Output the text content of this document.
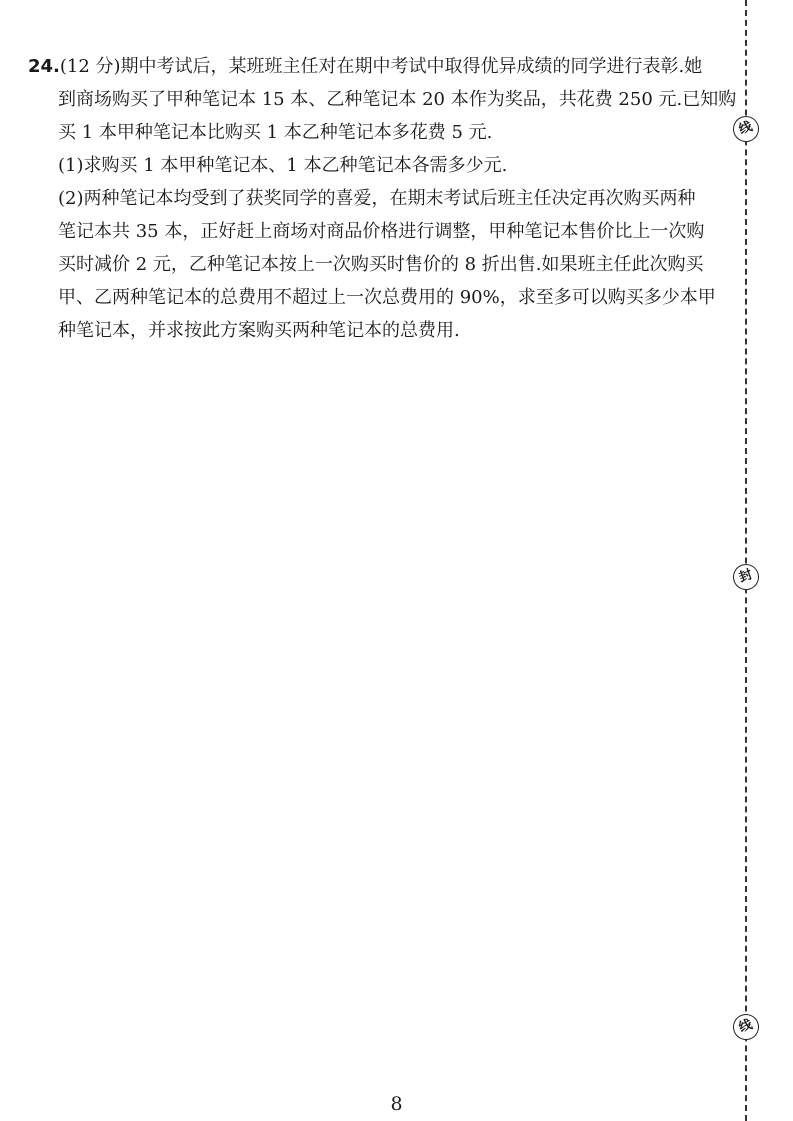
24.(12 分)期中考试后，某班班主任对在期中考试中取得优异成绩的同学进行表彰.她
到商场购买了甲种笔记本 15 本、乙种笔记本 20 本作为奖品，共花费 250 元.已知购
买 1 本甲种笔记本比购买 1 本乙种笔记本多花费 5 元.
(1)求购买 1 本甲种笔记本、1 本乙种笔记本各需多少元.
(2)两种笔记本均受到了获奖同学的喜爱，在期末考试后班主任决定再次购买两种
笔记本共 35 本，正好赶上商场对商品价格进行调整，甲种笔记本售价比上一次购
买时减价 2 元，乙种笔记本按上一次购买时售价的 8 折出售.如果班主任此次购买
甲、乙两种笔记本的总费用不超过上一次总费用的 90%，求至多可以购买多少本甲
种笔记本，并求按此方案购买两种笔记本的总费用.
线
封
线
8
